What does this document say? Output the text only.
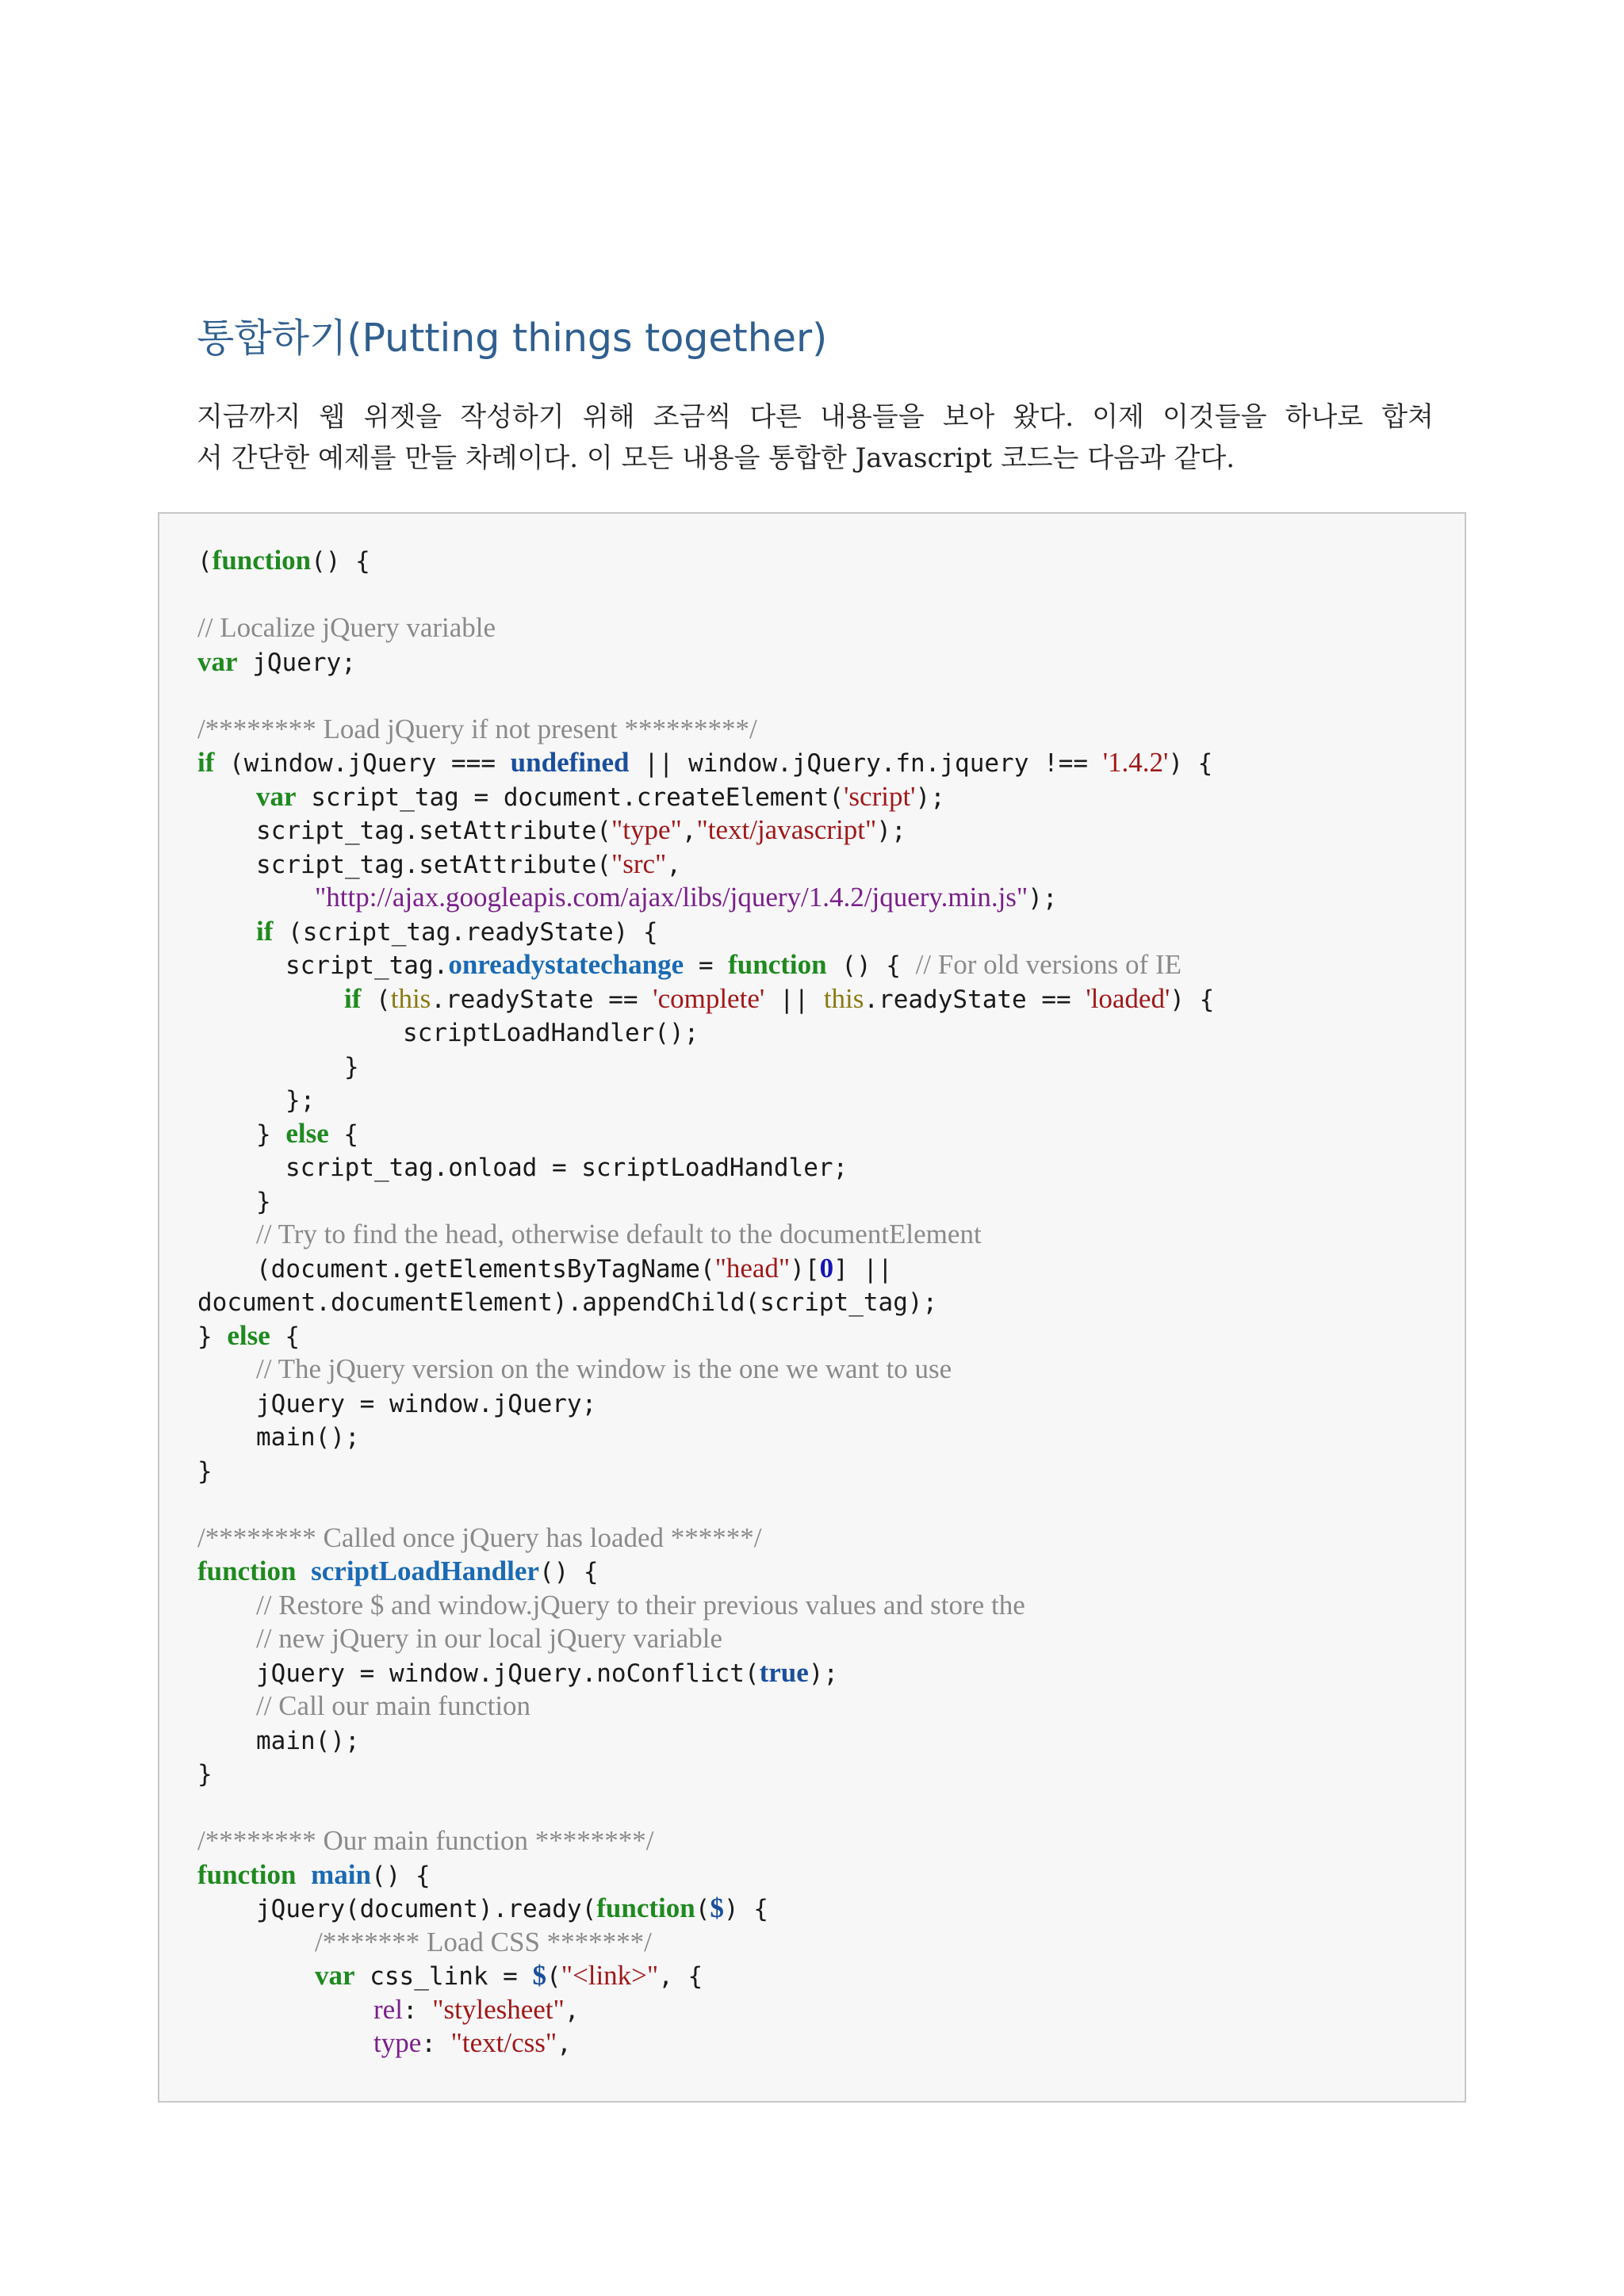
통합하기(Putting things together)

지금까지 웹 위젯을 작성하기 위해 조금씩 다른 내용들을 보아 왔다. 이제 이것들을 하나로 합쳐
서 간단한 예제를 만들 차례이다. 이 모든 내용을 통합한 Javascript 코드는 다음과 같다.

(function() {
// Localize jQuery variable
var jQuery;
/******** Load jQuery if not present *********/
if (window.jQuery === undefined || window.jQuery.fn.jquery !== '1.4.2') {
var script_tag = document.createElement('script');
script_tag.setAttribute("type","text/javascript");
script_tag.setAttribute("src",
"http://ajax.googleapis.com/ajax/libs/jquery/1.4.2/jquery.min.js");
if (script_tag.readyState) {
script_tag.onreadystatechange = function () { // For old versions of IE
if (this.readyState == 'complete' || this.readyState == 'loaded') {
scriptLoadHandler();
}
};
} else {
script_tag.onload = scriptLoadHandler;
}
// Try to find the head, otherwise default to the documentElement
(document.getElementsByTagName("head")[0] ||
document.documentElement).appendChild(script_tag);
} else {
// The jQuery version on the window is the one we want to use
jQuery = window.jQuery;
main();
}
/******** Called once jQuery has loaded ******/
function scriptLoadHandler() {
// Restore $ and window.jQuery to their previous values and store the
// new jQuery in our local jQuery variable
jQuery = window.jQuery.noConflict(true);
// Call our main function
main();
}
/******** Our main function ********/
function main() {
jQuery(document).ready(function($) {
/******* Load CSS *******/
var css_link = $("<link>", {
rel: "stylesheet",
type: "text/css",
